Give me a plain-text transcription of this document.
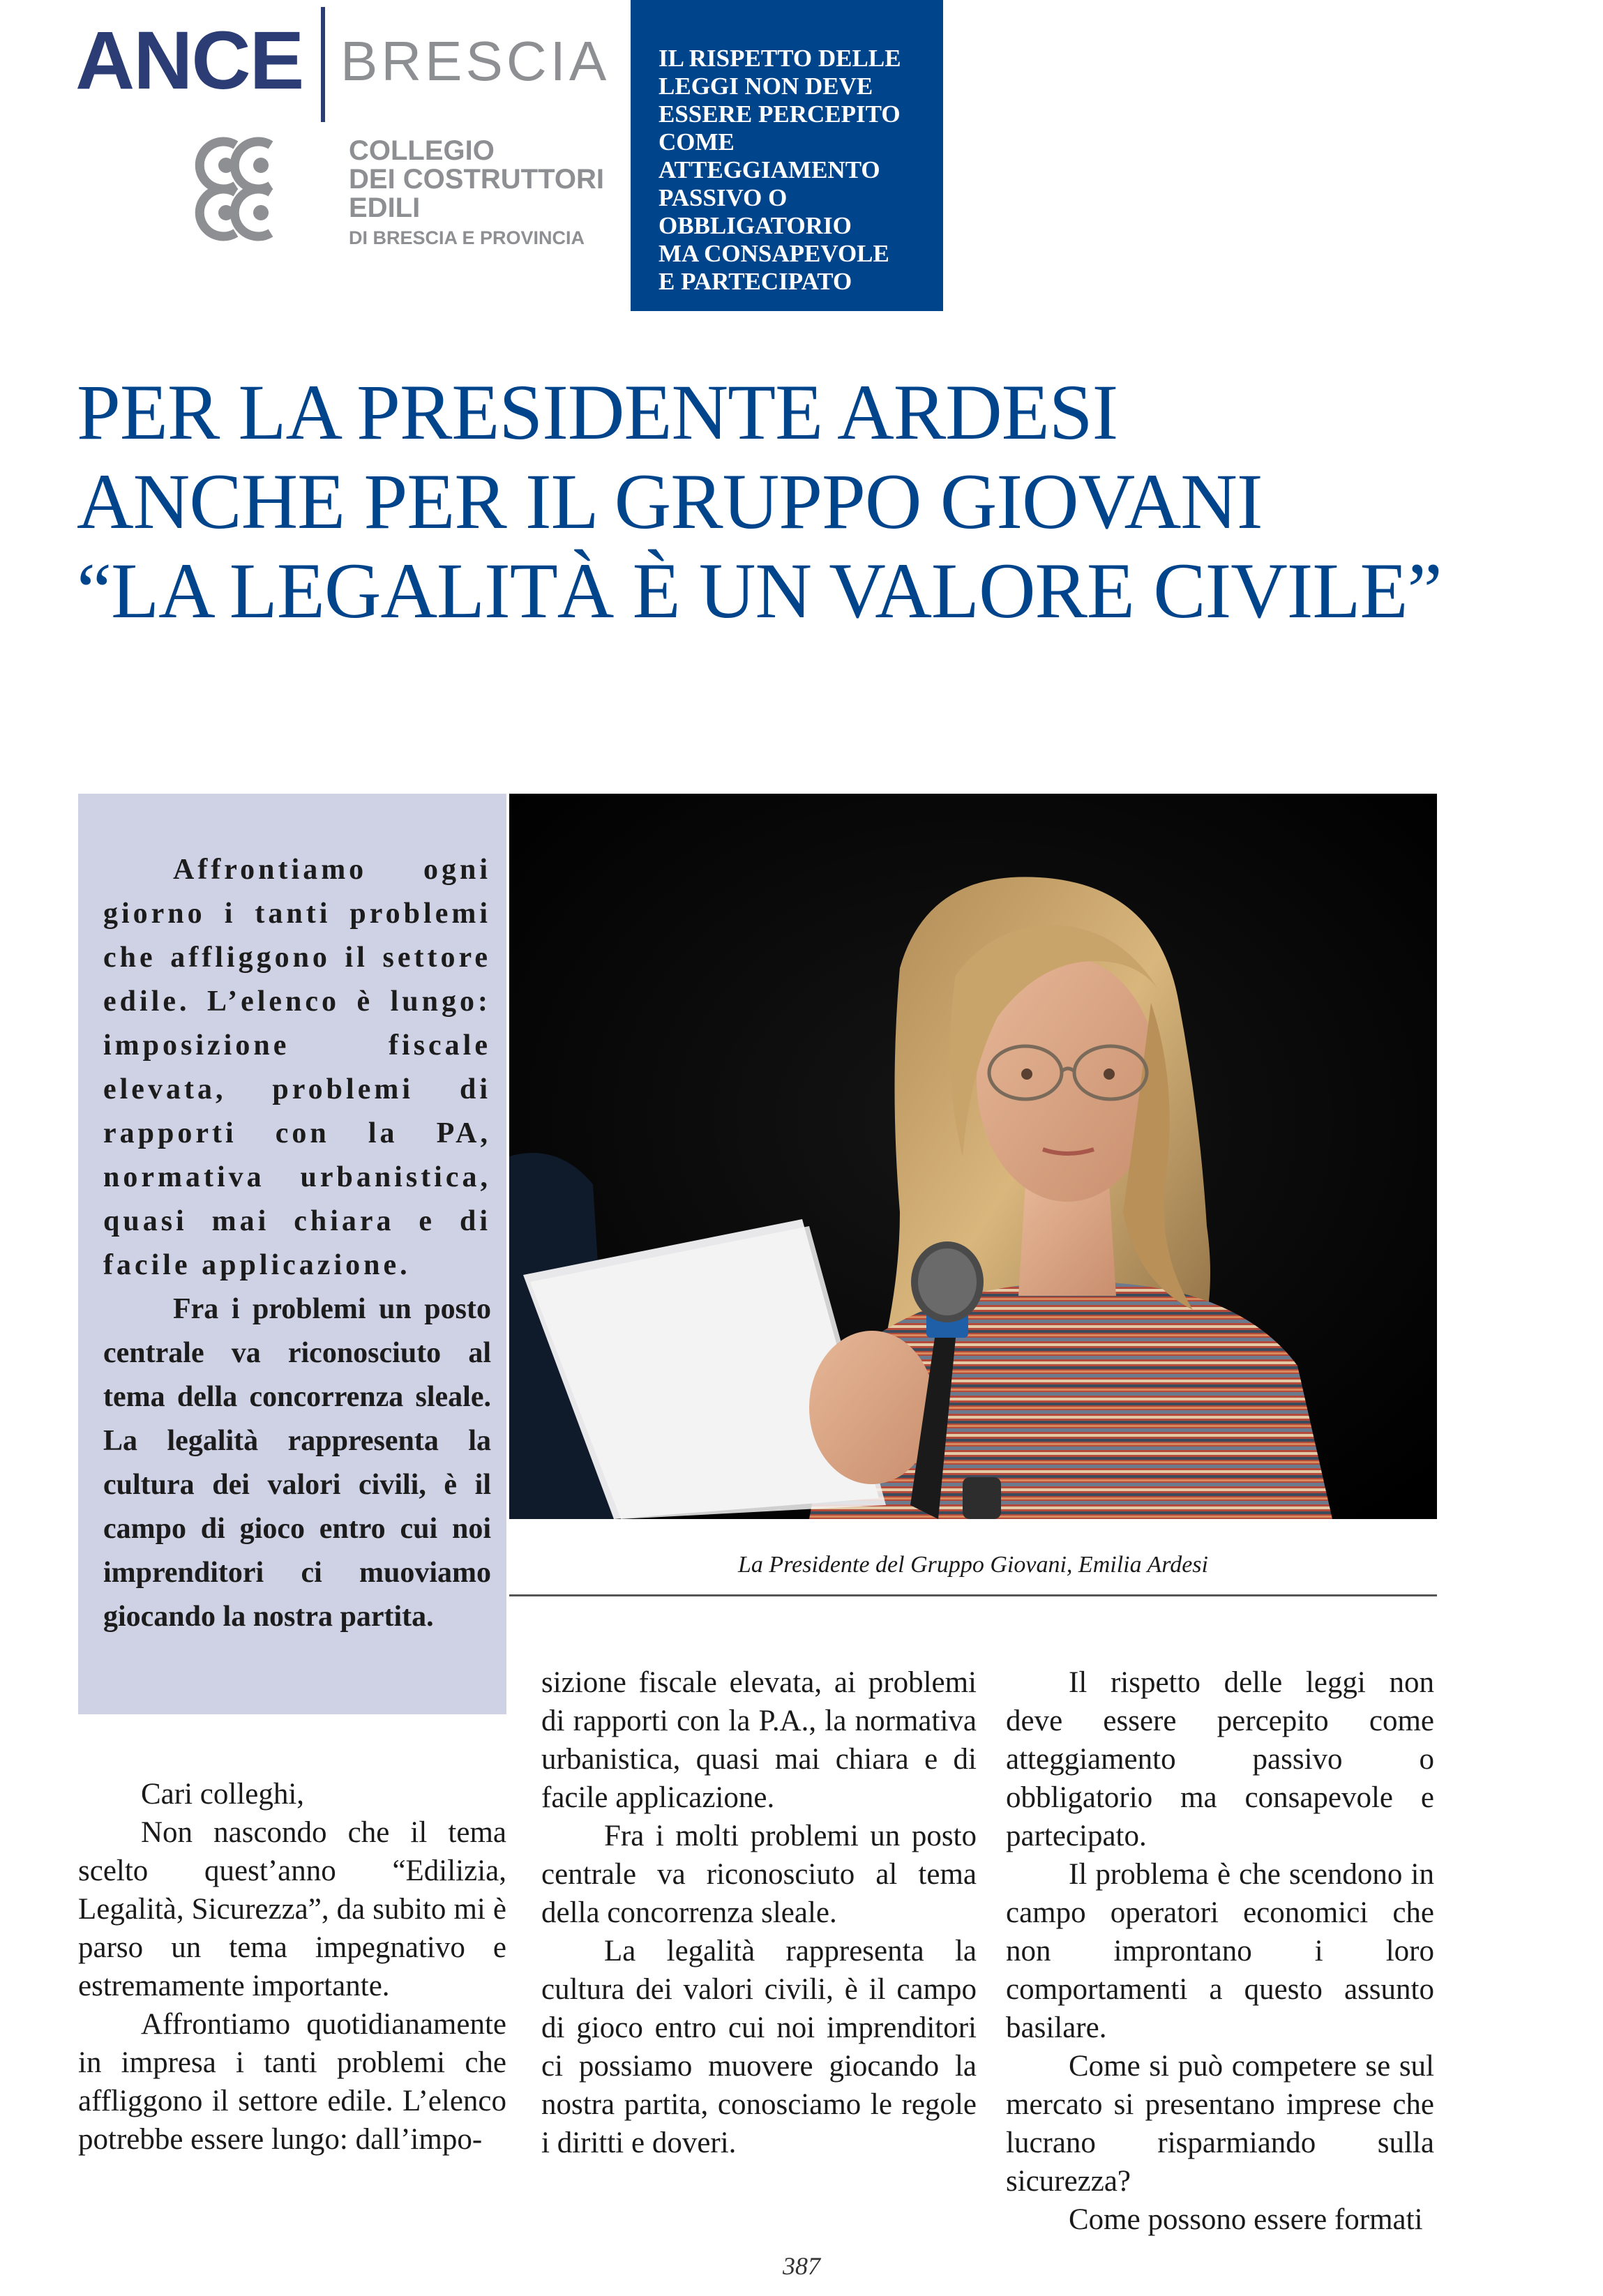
ANCE BRESCIA
COLLEGIO
DEI COSTRUTTORI
EDILI
DI BRESCIA E PROVINCIA

IL RISPETTO DELLE
LEGGI NON DEVE
ESSERE PERCEPITO
COME
ATTEGGIAMENTO
PASSIVO O
OBBLIGATORIO
MA CONSAPEVOLE
E PARTECIPATO

PER LA PRESIDENTE ARDESI
ANCHE PER IL GRUPPO GIOVANI
“LA LEGALITÀ È UN VALORE CIVILE”

Affrontiamo ogni giorno i tanti problemi che affliggono il settore edile. L’elenco è lungo: imposizione fiscale elevata, problemi di rapporti con la PA, normativa urbanistica, quasi mai chiara e di facile applicazione.

Fra i problemi un posto centrale va riconosciuto al tema della concorrenza sleale. La legalità rappresenta la cultura dei valori civili, è il campo di gioco entro cui noi imprenditori ci muoviamo giocando la nostra partita.

La Presidente del Gruppo Giovani, Emilia Ardesi

Cari colleghi,

Non nascondo che il tema scelto quest’anno “Edilizia, Legalità, Sicurezza”, da subito mi è parso un tema impegnativo e estremamente importante.

Affrontiamo quotidianamente in impresa i tanti problemi che affliggono il settore edile. L’elenco potrebbe essere lungo: dall’impo-

sizione fiscale elevata, ai problemi di rapporti con la P.A., la normativa urbanistica, quasi mai chiara e di facile applicazione.

Fra i molti problemi un posto centrale va riconosciuto al tema della concorrenza sleale.

La legalità rappresenta la cultura dei valori civili, è il campo di gioco entro cui noi imprenditori ci possiamo muovere giocando la nostra partita, conosciamo le regole i diritti e doveri.

Il rispetto delle leggi non deve essere percepito come atteggiamento passivo o obbligatorio ma consapevole e partecipato.

Il problema è che scendono in campo operatori economici che non improntano i loro comportamenti a questo assunto basilare.

Come si può competere se sul mercato si presentano imprese che lucrano risparmiando sulla sicurezza?

Come possono essere formati

387
